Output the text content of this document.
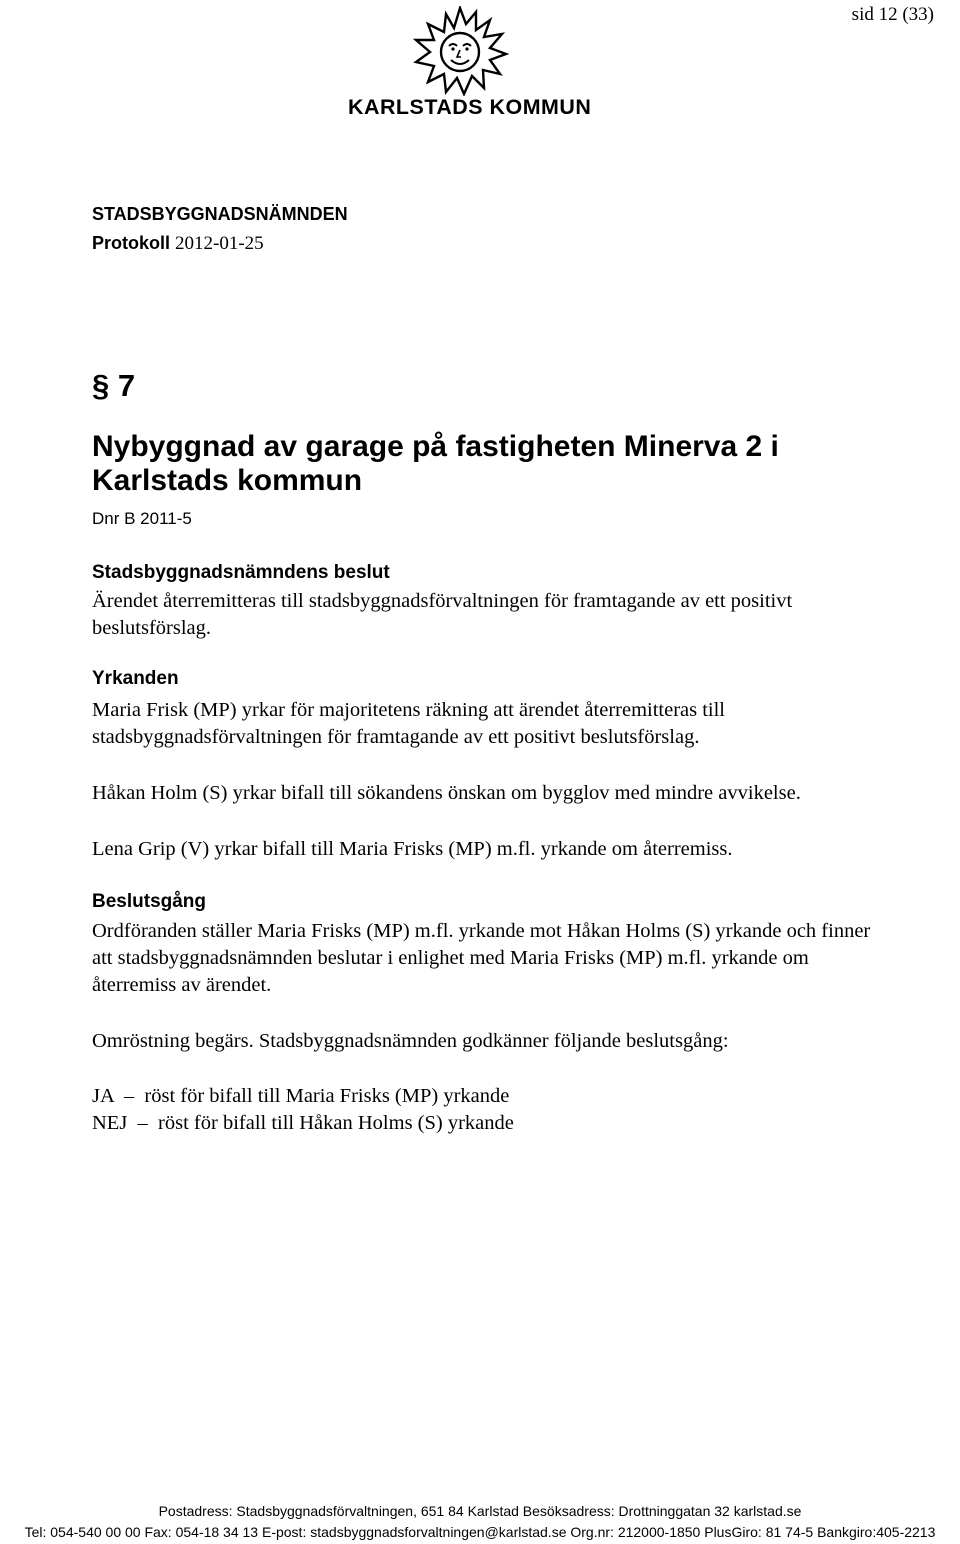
sid 12 (33)
KARLSTADS KOMMUN
STADSBYGGNADSNÄMNDEN
Protokoll 2012-01-25
§ 7
Nybyggnad av garage på fastigheten Minerva 2 i Karlstads kommun
Dnr B 2011-5
Stadsbyggnadsnämndens beslut

Ärendet återremitteras till stadsbyggnadsförvaltningen för framtagande av ett positivt beslutsförslag.

Yrkanden

Maria Frisk (MP) yrkar för majoritetens räkning att ärendet återremitteras till stadsbyggnadsförvaltningen för framtagande av ett positivt beslutsförslag.

Håkan Holm (S) yrkar bifall till sökandens önskan om bygglov med mindre avvikelse.

Lena Grip (V) yrkar bifall till Maria Frisks (MP) m.fl. yrkande om återremiss.

Beslutsgång

Ordföranden ställer Maria Frisks (MP) m.fl. yrkande mot Håkan Holms (S) yrkande och finner att stadsbyggnadsnämnden beslutar i enlighet med Maria Frisks (MP) m.fl. yrkande om återremiss av ärendet.

Omröstning begärs. Stadsbyggnadsnämnden godkänner följande beslutsgång:

JA  –  röst för bifall till Maria Frisks (MP) yrkande
NEJ  –  röst för bifall till Håkan Holms (S) yrkande
Postadress: Stadsbyggnadsförvaltningen, 651 84 Karlstad Besöksadress: Drottninggatan 32 karlstad.se
Tel: 054-540 00 00 Fax: 054-18 34 13 E-post: stadsbyggnadsforvaltningen@karlstad.se Org.nr: 212000-1850 PlusGiro: 81 74-5 Bankgiro:405-2213
